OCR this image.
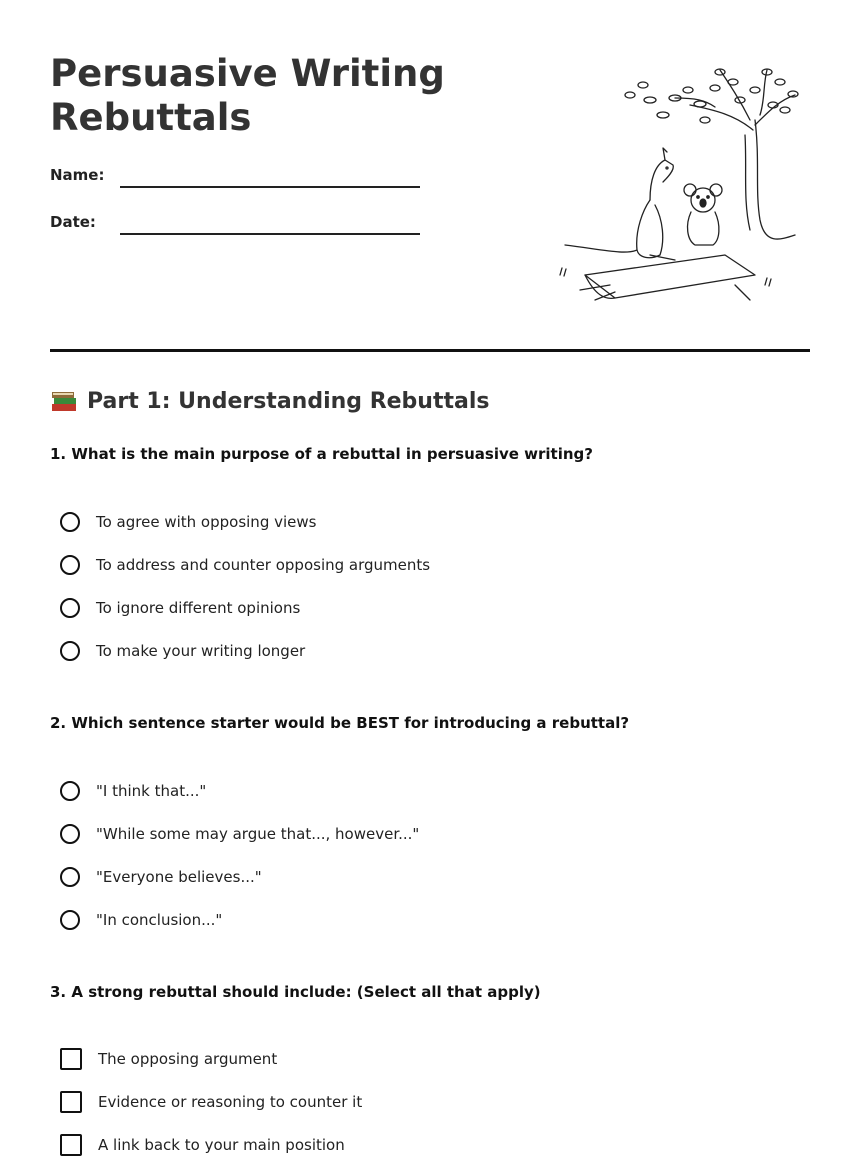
Persuasive Writing Rebuttals
Name:
Date:
Part 1: Understanding Rebuttals

1. What is the main purpose of a rebuttal in persuasive writing?

To agree with opposing views
To address and counter opposing arguments
To ignore different opinions
To make your writing longer

2. Which sentence starter would be BEST for introducing a rebuttal?

"I think that..."
"While some may argue that..., however..."
"Everyone believes..."
"In conclusion..."

3. A strong rebuttal should include: (Select all that apply)

The opposing argument
Evidence or reasoning to counter it
A link back to your main position
